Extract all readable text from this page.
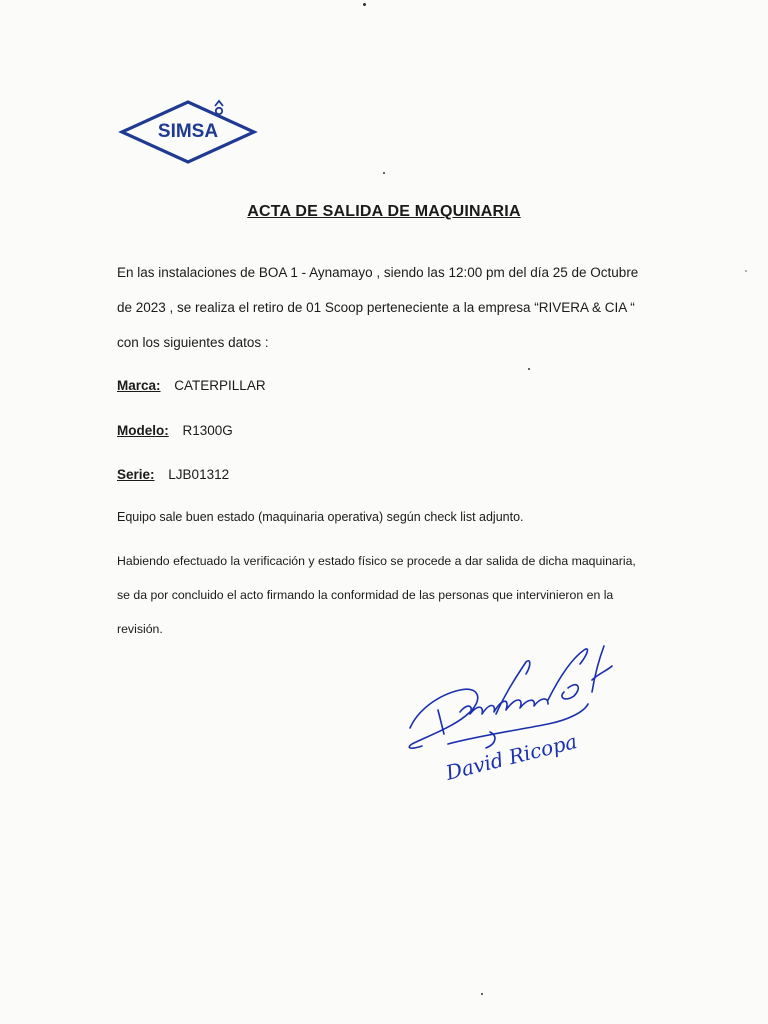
SIMSA
ACTA DE SALIDA DE MAQUINARIA
En las instalaciones de BOA 1 - Aynamayo , siendo las 12:00 pm del día 25 de Octubre
de 2023 , se realiza el retiro de 01 Scoop perteneciente a la empresa “RIVERA & CIA “
con los siguientes datos :
Marca: CATERPILLAR
Modelo: R1300G
Serie: LJB01312
Equipo sale buen estado (maquinaria operativa) según check list adjunto.
Habiendo efectuado la verificación y estado físico se procede a dar salida de dicha maquinaria,
se da por concluido el acto firmando la conformidad de las personas que intervinieron en la
revisión.
David Ricopa
